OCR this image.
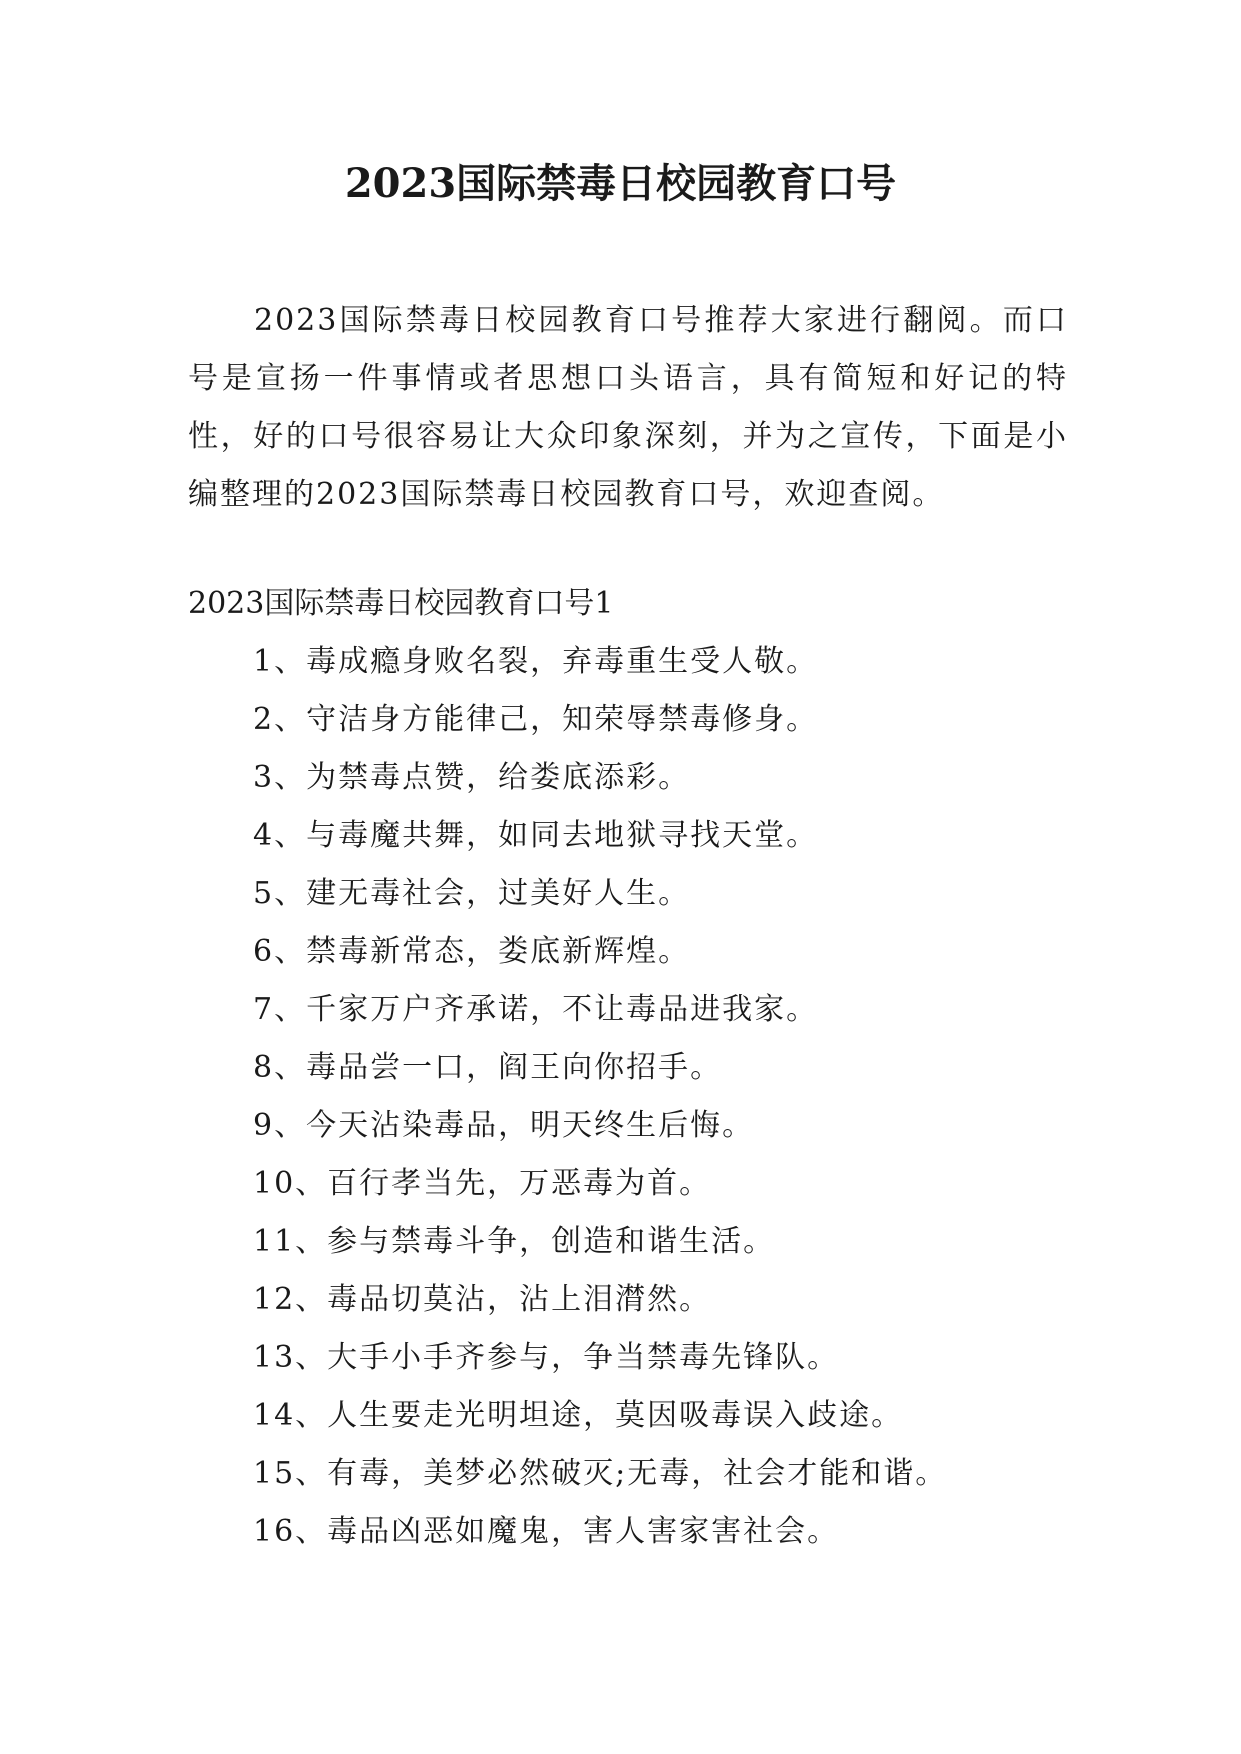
2023国际禁毒日校园教育口号

2023国际禁毒日校园教育口号推荐大家进行翻阅。而口号是宣扬一件事情或者思想口头语言，具有简短和好记的特性，好的口号很容易让大众印象深刻，并为之宣传，下面是小编整理的2023国际禁毒日校园教育口号，欢迎查阅。

2023国际禁毒日校园教育口号1

1、毒成瘾身败名裂，弃毒重生受人敬。
2、守洁身方能律己，知荣辱禁毒修身。
3、为禁毒点赞，给娄底添彩。
4、与毒魔共舞，如同去地狱寻找天堂。
5、建无毒社会，过美好人生。
6、禁毒新常态，娄底新辉煌。
7、千家万户齐承诺，不让毒品进我家。
8、毒品尝一口，阎王向你招手。
9、今天沾染毒品，明天终生后悔。
10、百行孝当先，万恶毒为首。
11、参与禁毒斗争，创造和谐生活。
12、毒品切莫沾，沾上泪潸然。
13、大手小手齐参与，争当禁毒先锋队。
14、人生要走光明坦途，莫因吸毒误入歧途。
15、有毒，美梦必然破灭;无毒，社会才能和谐。
16、毒品凶恶如魔鬼，害人害家害社会。
